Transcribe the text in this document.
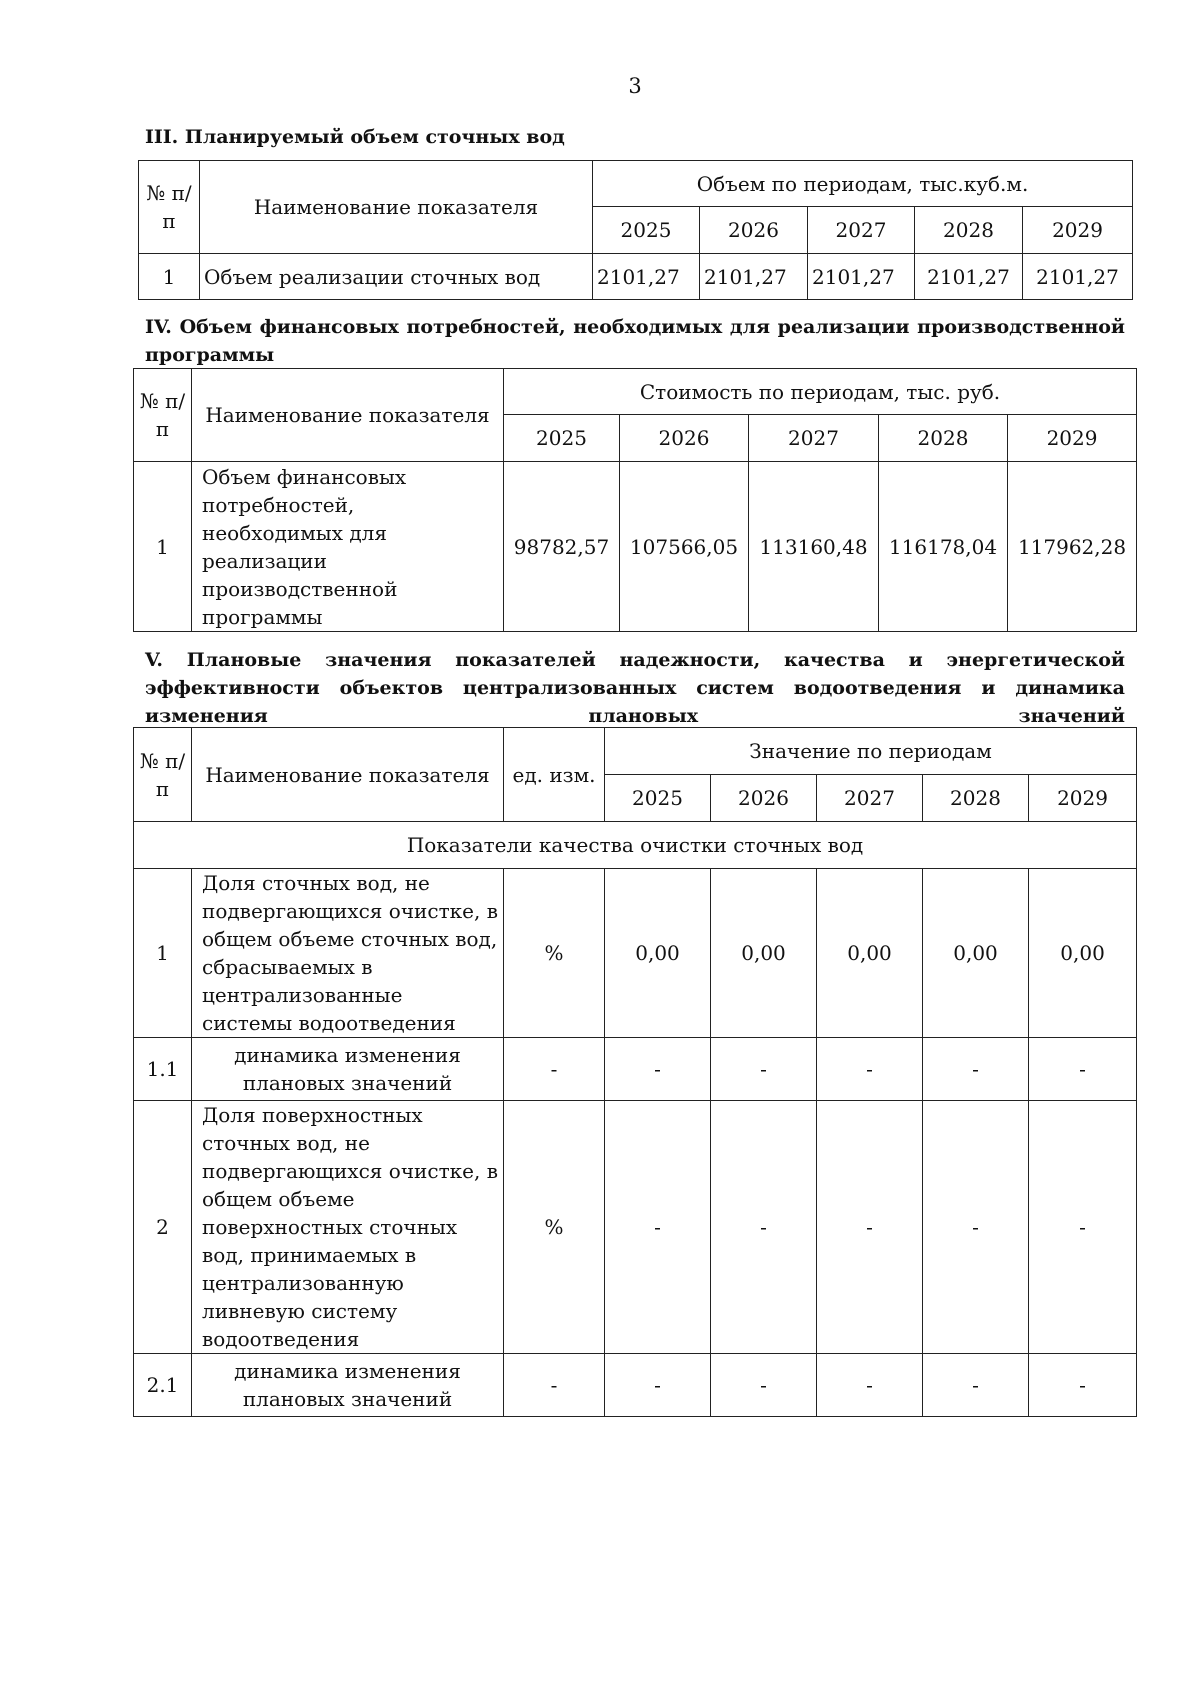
3
III. Планируемый объем сточных вод
№ п/п	Наименование показателя	Объем по периодам, тыс.куб.м.				
		2025	2026	2027	2028	2029
1	Объем реализации сточных вод	2101,27	2101,27	2101,27	2101,27	2101,27
IV. Объем финансовых потребностей, необходимых для реализации производственной программы
№ п/п	Наименование показателя	Стоимость по периодам, тыс. руб.				
		2025	2026	2027	2028	2029
1	Объем финансовых потребностей, необходимых для реализации производственной программы	98782,57	107566,05	113160,48	116178,04	117962,28
V. Плановые значения показателей надежности, качества и энергетической эффективности объектов централизованных систем водоотведения и динамика изменения плановых значений
№ п/п	Наименование показателя	ед. изм.	Значение по периодам				
			2025	2026	2027	2028	2029
Показатели качества очистки сточных вод							
1	Доля сточных вод, не подвергающихся очистке, в общем объеме сточных вод, сбрасываемых в централизованные системы водоотведения	%	0,00	0,00	0,00	0,00	0,00
1.1	динамика изменения плановых значений	-	-	-	-	-	-
2	Доля поверхностных сточных вод, не подвергающихся очистке, в общем объеме поверхностных сточных вод, принимаемых в централизованную ливневую систему водоотведения	%	-	-	-	-	-
2.1	динамика изменения плановых значений	-	-	-	-	-	-
